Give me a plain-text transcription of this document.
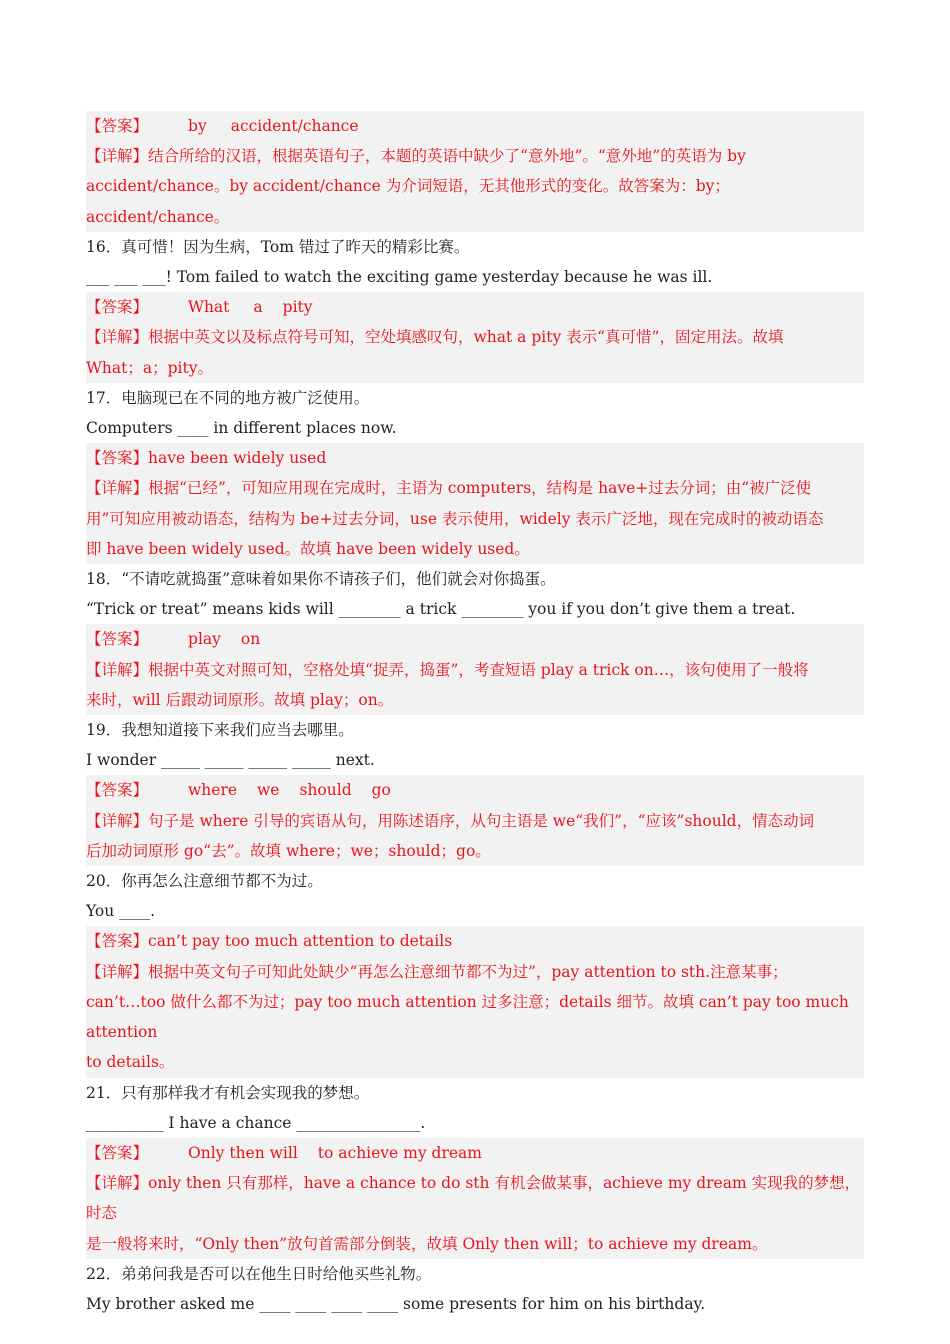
【答案】	by accident/chance
【详解】结合所给的汉语，根据英语句子，本题的英语中缺少了“意外地”。“意外地”的英语为 by
accident/chance。by accident/chance 为介词短语，无其他形式的变化。故答案为：by；accident/chance。
16．真可惜！因为生病，Tom 错过了昨天的精彩比赛。
___ ___ ___! Tom failed to watch the exciting game yesterday because he was ill.
【答案】	What a pity
【详解】根据中英文以及标点符号可知，空处填感叹句，what a pity 表示“真可惜”，固定用法。故填
What；a；pity。
17．电脑现已在不同的地方被广泛使用。
Computers ____ in different places now.
【答案】have been widely used
【详解】根据“已经”，可知应用现在完成时，主语为 computers，结构是 have+过去分词；由“被广泛使
用”可知应用被动语态，结构为 be+过去分词，use 表示使用，widely 表示广泛地，现在完成时的被动语态
即 have been widely used。故填 have been widely used。
18．“不请吃就捣蛋”意味着如果你不请孩子们，他们就会对你捣蛋。
“Trick or treat” means kids will ________ a trick ________ you if you don’t give them a treat.
【答案】	play on
【详解】根据中英文对照可知，空格处填“捉弄，捣蛋”，考查短语 play a trick on…，该句使用了一般将
来时，will 后跟动词原形。故填 play；on。
19．我想知道接下来我们应当去哪里。
I wonder _____ _____ _____ _____ next.
【答案】	where we should go
【详解】句子是 where 引导的宾语从句，用陈述语序，从句主语是 we“我们”，“应该”should，情态动词
后加动词原形 go“去”。故填 where；we；should；go。
20．你再怎么注意细节都不为过。
You ____.
【答案】can’t pay too much attention to details
【详解】根据中英文句子可知此处缺少“再怎么注意细节都不为过”，pay attention to sth.注意某事；
can’t…too 做什么都不为过；pay too much attention 过多注意；details 细节。故填 can’t pay too much attention
to details。
21．只有那样我才有机会实现我的梦想。
__________ I have a chance ________________.
【答案】	Only then will to achieve my dream
【详解】only then 只有那样，have a chance to do sth 有机会做某事，achieve my dream 实现我的梦想，时态
是一般将来时，“Only then”放句首需部分倒装，故填 Only then will；to achieve my dream。
22．弟弟问我是否可以在他生日时给他买些礼物。
My brother asked me ____ ____ ____ ____ some presents for him on his birthday.
